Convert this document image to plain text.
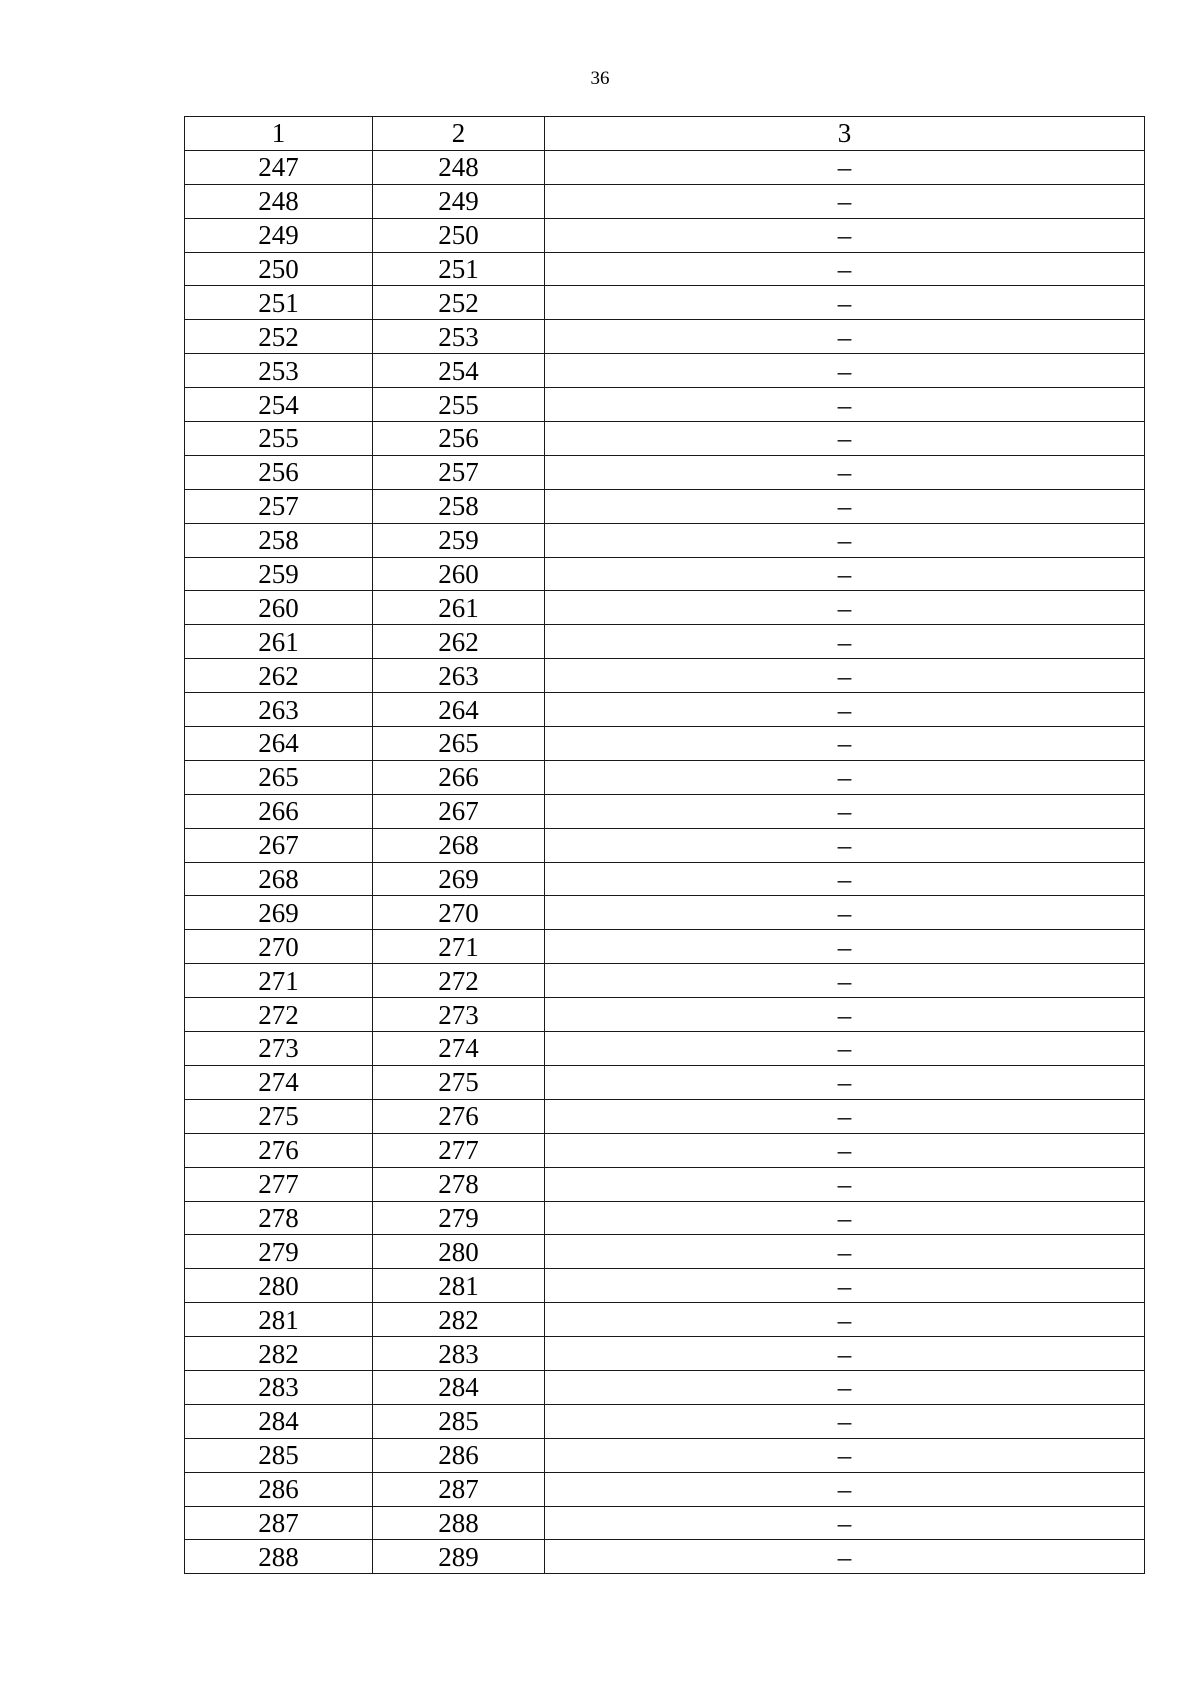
36
1	2	3
247	248	–
248	249	–
249	250	–
250	251	–
251	252	–
252	253	–
253	254	–
254	255	–
255	256	–
256	257	–
257	258	–
258	259	–
259	260	–
260	261	–
261	262	–
262	263	–
263	264	–
264	265	–
265	266	–
266	267	–
267	268	–
268	269	–
269	270	–
270	271	–
271	272	–
272	273	–
273	274	–
274	275	–
275	276	–
276	277	–
277	278	–
278	279	–
279	280	–
280	281	–
281	282	–
282	283	–
283	284	–
284	285	–
285	286	–
286	287	–
287	288	–
288	289	–
